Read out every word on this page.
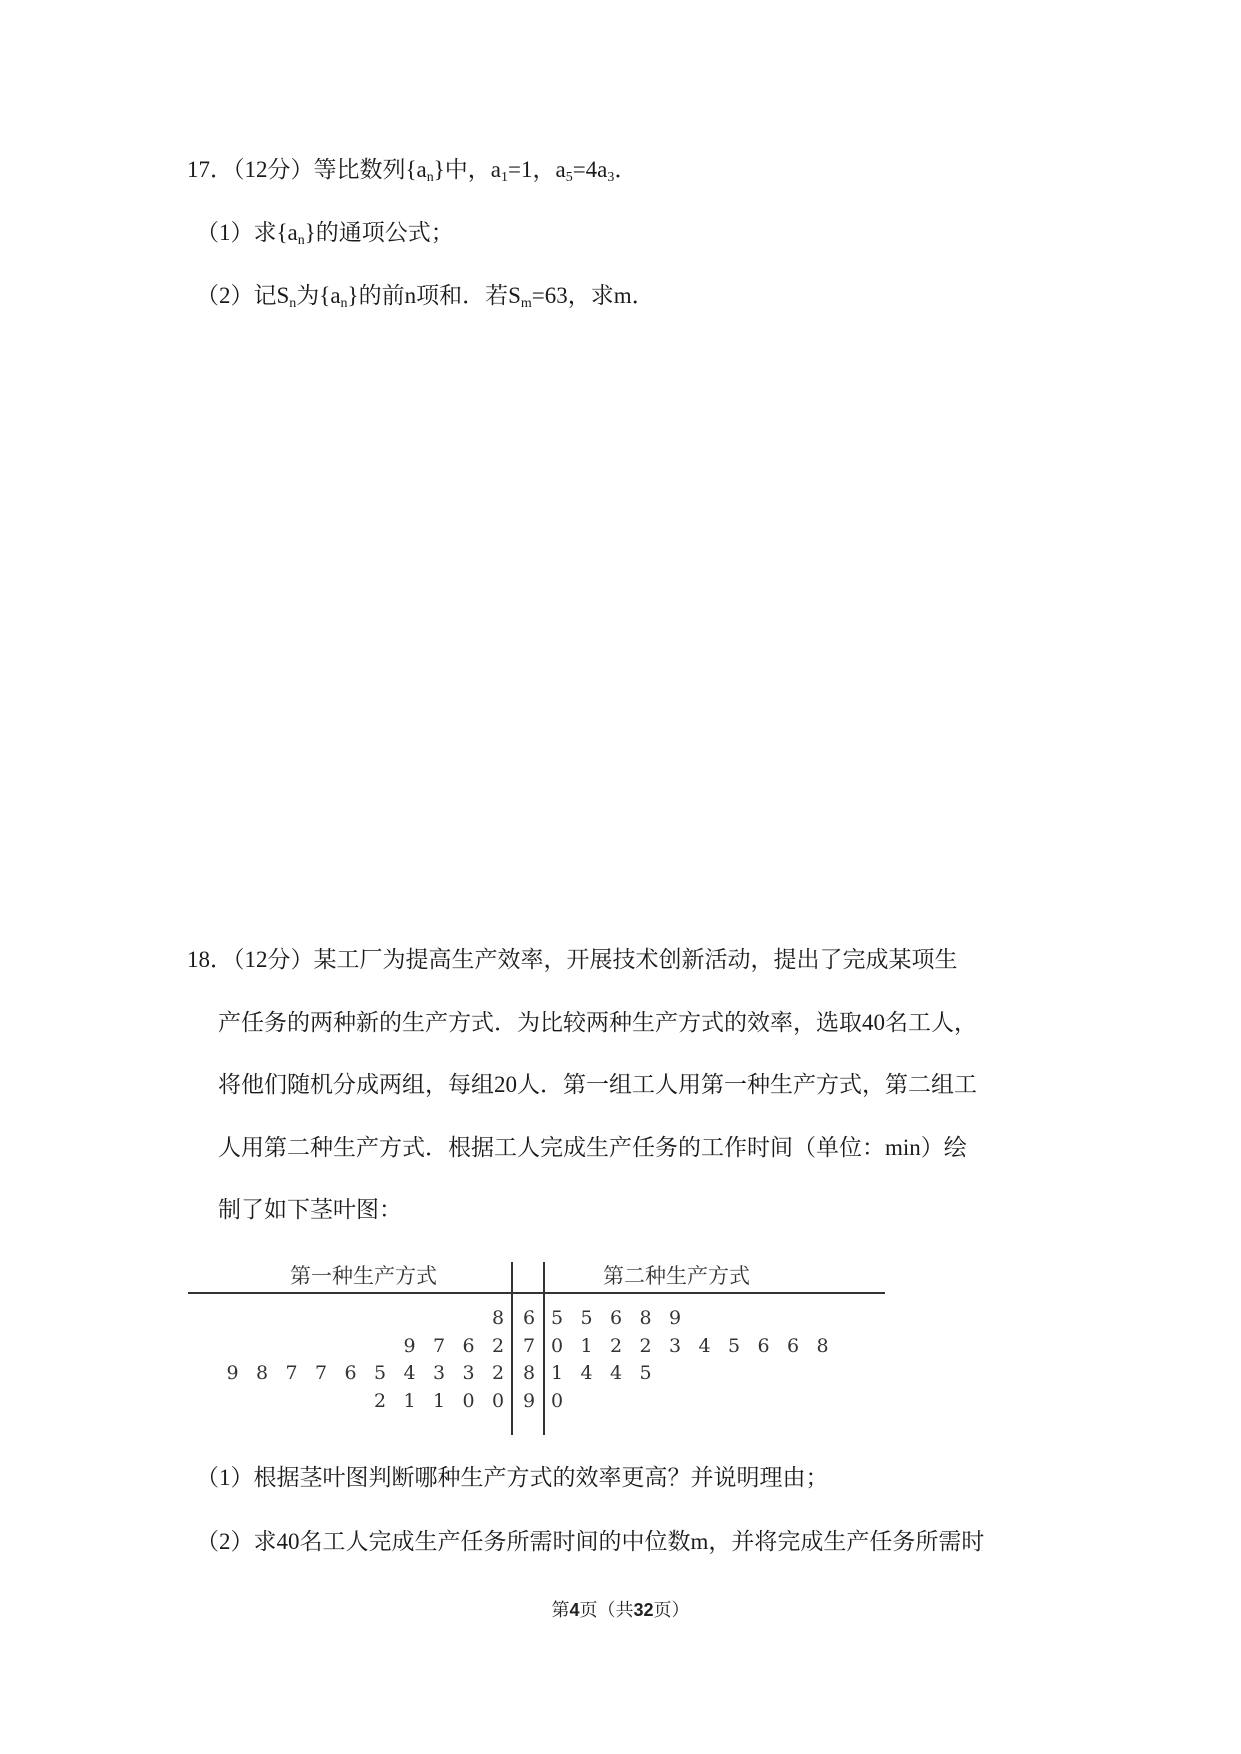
17．（12分）等比数列$\{a_n\}$中，$a_1=1$，$a_5=4a_3$．
（1）求$\{a_n\}$的通项公式；
（2）记$S_n$为$\{a_n\}$的前n项和．若$S_m=63$，求m．
18．（12分）某工厂为提高生产效率，开展技术创新活动，提出了完成某项生
产任务的两种新的生产方式．为比较两种生产方式的效率，选取40名工人，
将他们随机分成两组，每组20人．第一组工人用第一种生产方式，第二组工
人用第二种生产方式．根据工人完成生产任务的工作时间（单位：min）绘
制了如下茎叶图：
第一种生产方式	第二种生产方式
8 6 5 5 6 8 9
9 7 6 2 7 0 1 2 2 3 4 5 6 6 8
9 8 7 7 6 5 4 3 3 2 8 1 4 4 5
2 1 1 0 0 9 0
（1）根据茎叶图判断哪种生产方式的效率更高？并说明理由；
（2）求40名工人完成生产任务所需时间的中位数m，并将完成生产任务所需时
第4页（共32页）
